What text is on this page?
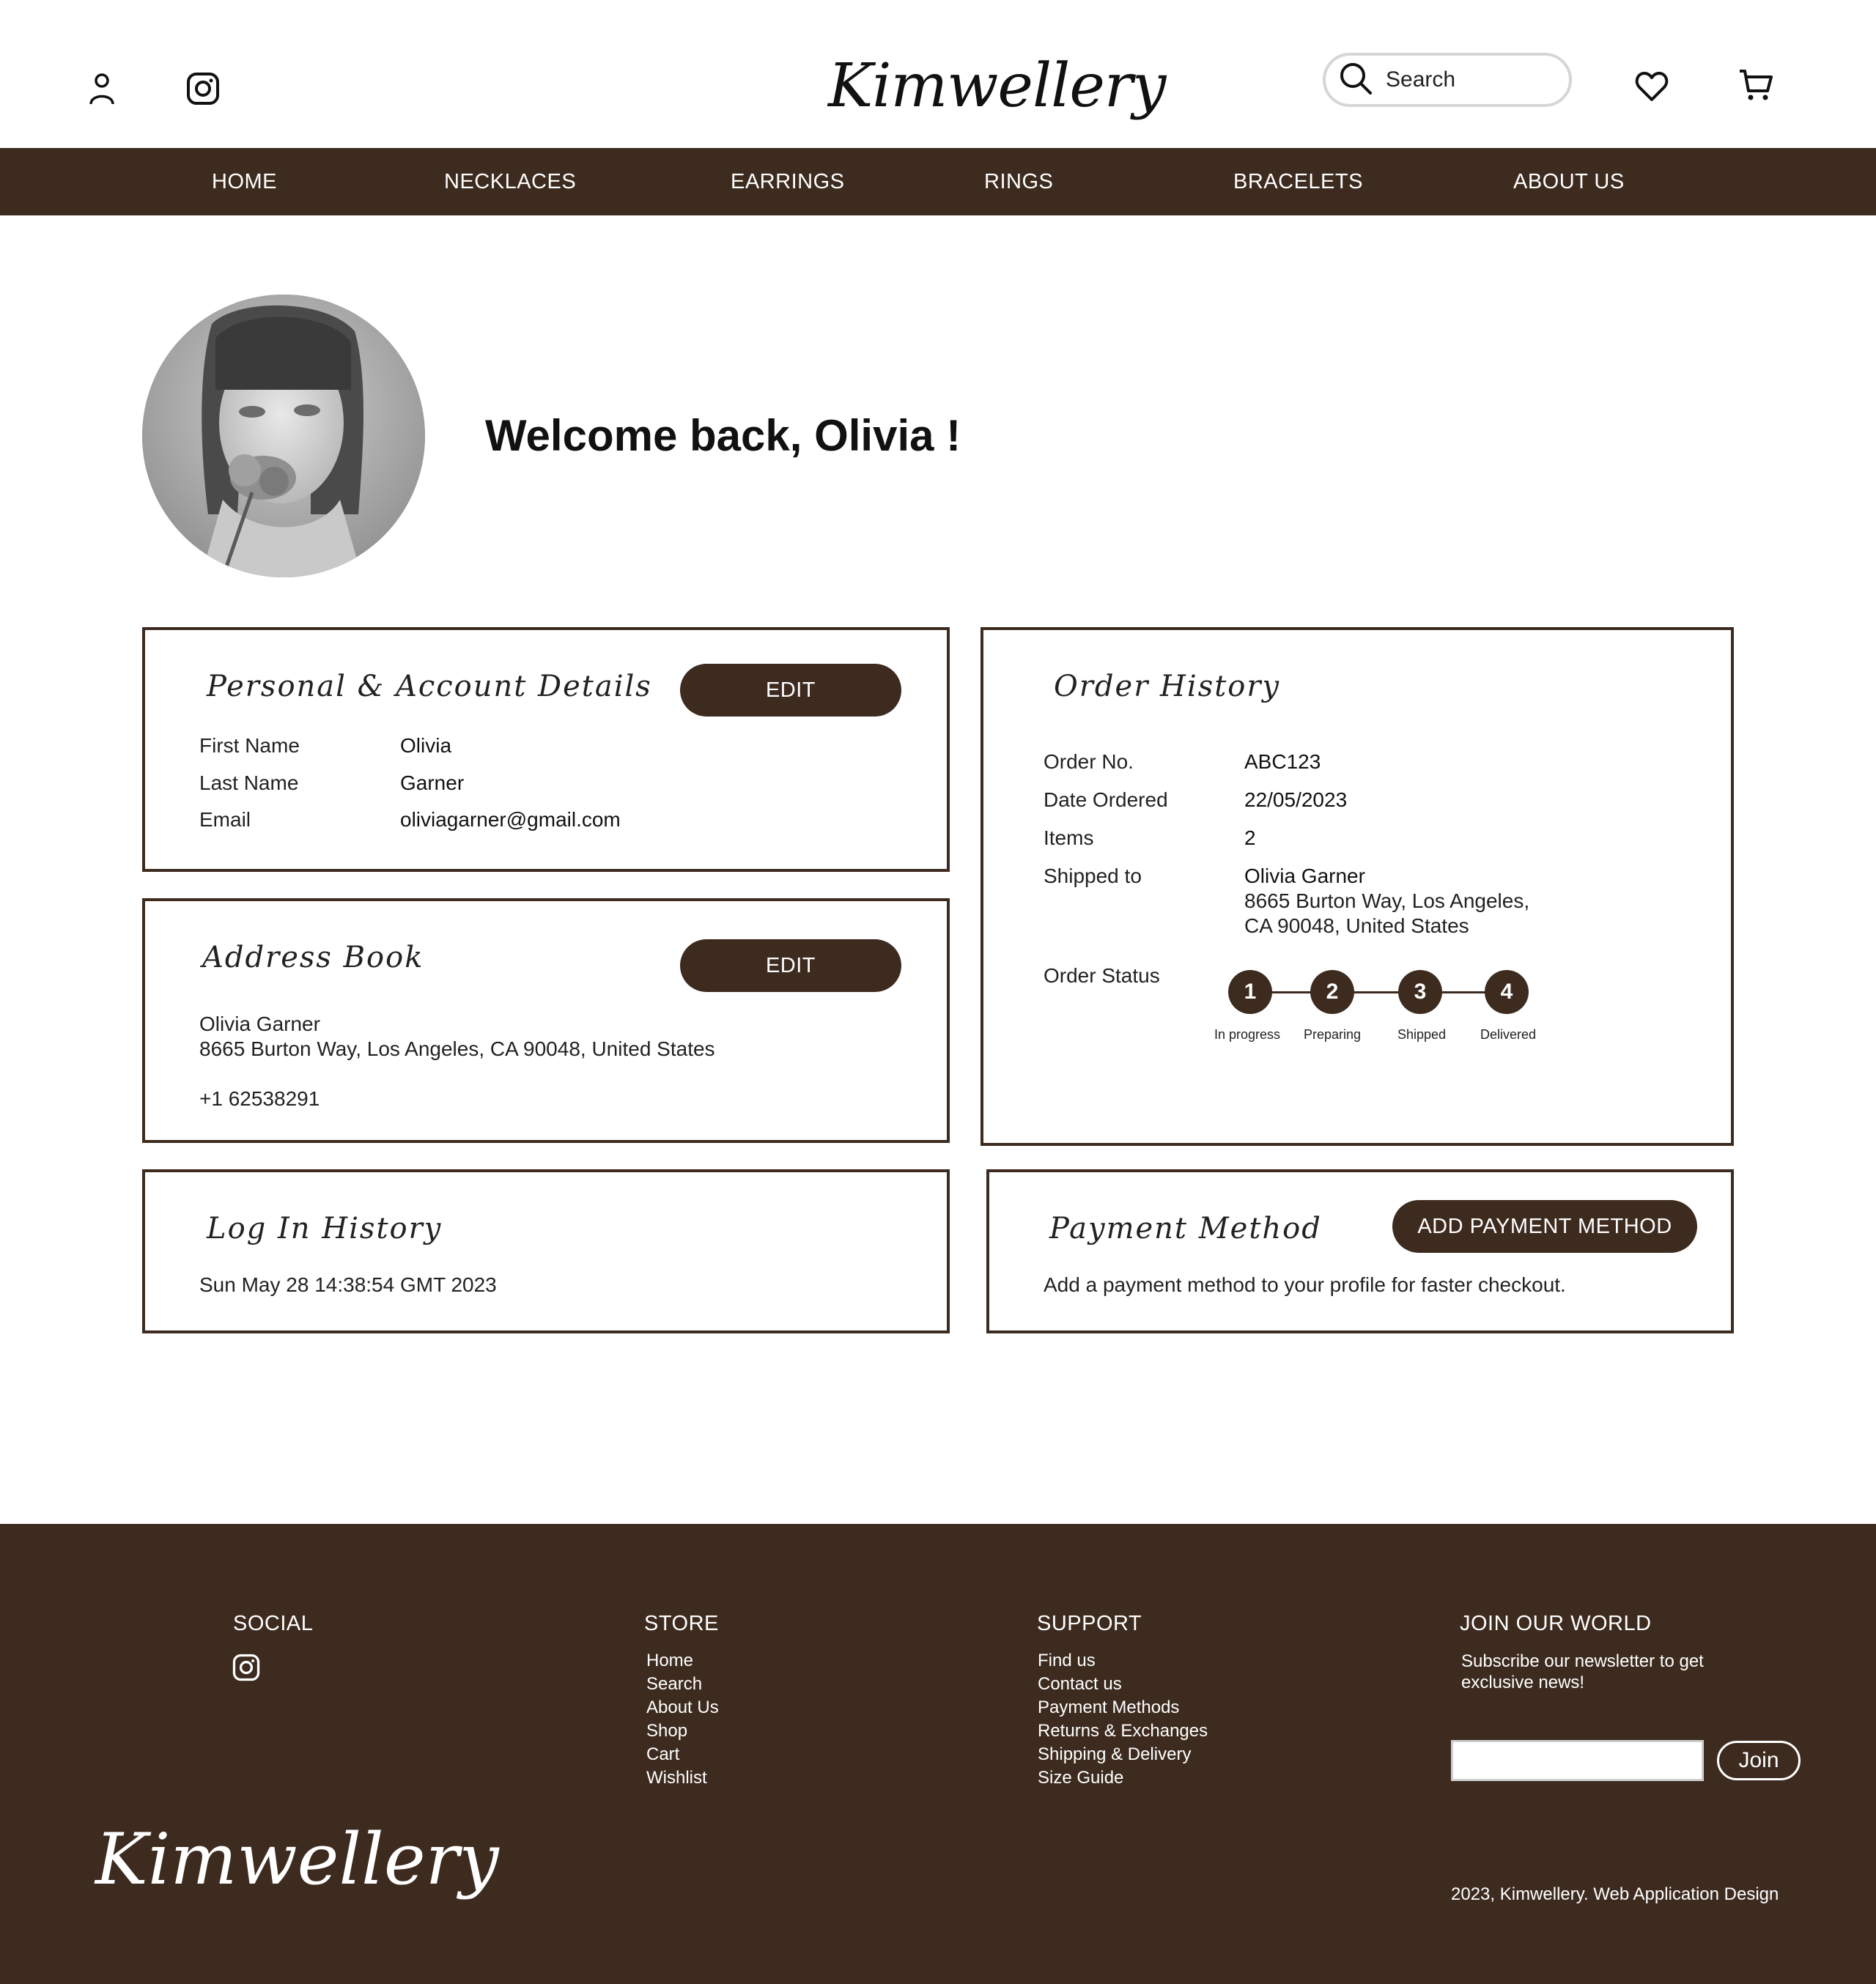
Kimwellery
Search
HOME	NECKLACES	EARRINGS	RINGS	BRACELETS	ABOUT US
Welcome back, Olivia !
Personal & Account Details	EDIT
First Name	Olivia
Last Name	Garner
Email	oliviagarner@gmail.com
Address Book	EDIT
Olivia Garner
8665 Burton Way, Los Angeles, CA 90048, United States
+1 62538291
Order History
Order No.	ABC123
Date Ordered	22/05/2023
Items	2
Shipped to	Olivia Garner
8665 Burton Way, Los Angeles,
CA 90048, United States
Order Status
1	2	3	4
In progress	Preparing	Shipped	Delivered
Log In History
Sun May 28 14:38:54 GMT 2023
Payment Method	ADD PAYMENT METHOD
Add a payment method to your profile for faster checkout.
SOCIAL	STORE
Home
Search
About Us
Shop
Cart
Wishlist
SUPPORT
Find us
Contact us
Payment Methods
Returns & Exchanges
Shipping & Delivery
Size Guide
JOIN OUR WORLD
Subscribe our newsletter to get exclusive news!
Join
Kimwellery	2023, Kimwellery. Web Application Design
